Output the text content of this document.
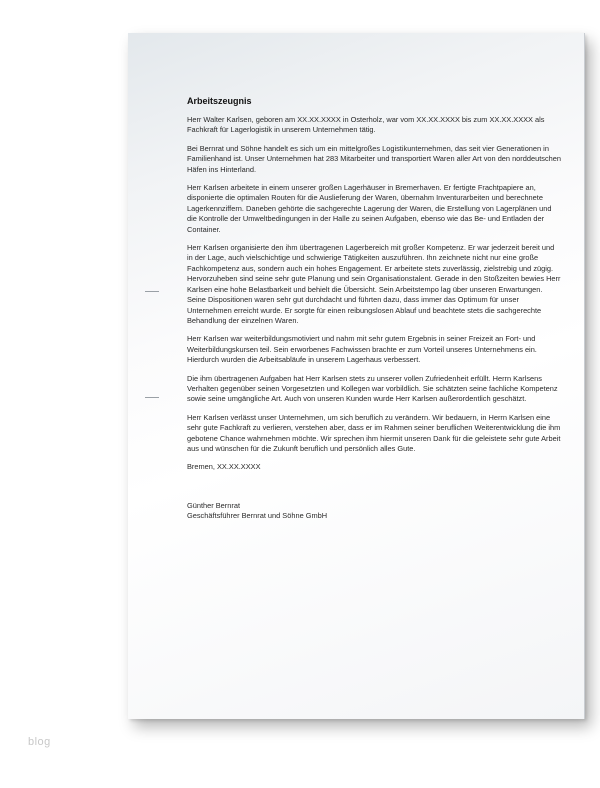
Arbeitszeugnis

Herr Walter Karlsen, geboren am XX.XX.XXXX in Osterholz, war vom XX.XX.XXXX bis zum XX.XX.XXXX als Fachkraft für Lagerlogistik in unserem Unternehmen tätig.

Bei Bernrat und Söhne handelt es sich um ein mittelgroßes Logistikunternehmen, das seit vier Generationen in Familienhand ist. Unser Unternehmen hat 283 Mitarbeiter und transportiert Waren aller Art von den norddeutschen Häfen ins Hinterland.

Herr Karlsen arbeitete in einem unserer großen Lagerhäuser in Bremerhaven. Er fertigte Frachtpapiere an, disponierte die optimalen Routen für die Auslieferung der Waren, übernahm Inventurarbeiten und berechnete Lagerkennziffern. Daneben gehörte die sachgerechte Lagerung der Waren, die Erstellung von Lagerplänen und die Kontrolle der Umweltbedingungen in der Halle zu seinen Aufgaben, ebenso wie das Be- und Entladen der Container.

Herr Karlsen organisierte den ihm übertragenen Lagerbereich mit großer Kompetenz. Er war jederzeit bereit und in der Lage, auch vielschichtige und schwierige Tätigkeiten auszuführen. Ihn zeichnete nicht nur eine große Fachkompetenz aus, sondern auch ein hohes Engagement. Er arbeitete stets zuverlässig, zielstrebig und zügig. Hervorzuheben sind seine sehr gute Planung und sein Organisationstalent. Gerade in den Stoßzeiten bewies Herr Karlsen eine hohe Belastbarkeit und behielt die Übersicht. Sein Arbeitstempo lag über unseren Erwartungen. Seine Dispositionen waren sehr gut durchdacht und führten dazu, dass immer das Optimum für unser Unternehmen erreicht wurde. Er sorgte für einen reibungslosen Ablauf und beachtete stets die sachgerechte Behandlung der einzelnen Waren.

Herr Karlsen war weiterbildungsmotiviert und nahm mit sehr gutem Ergebnis in seiner Freizeit an Fort- und Weiterbildungskursen teil. Sein erworbenes Fachwissen brachte er zum Vorteil unseres Unternehmens ein. Hierdurch wurden die Arbeitsabläufe in unserem Lagerhaus verbessert.

Die ihm übertragenen Aufgaben hat Herr Karlsen stets zu unserer vollen Zufriedenheit erfüllt. Herrn Karlsens Verhalten gegenüber seinen Vorgesetzten und Kollegen war vorbildlich. Sie schätzten seine fachliche Kompetenz sowie seine umgängliche Art. Auch von unseren Kunden wurde Herr Karlsen außerordentlich geschätzt.

Herr Karlsen verlässt unser Unternehmen, um sich beruflich zu verändern. Wir bedauern, in Herrn Karlsen eine sehr gute Fachkraft zu verlieren, verstehen aber, dass er im Rahmen seiner beruflichen Weiterentwicklung die ihm gebotene Chance wahrnehmen möchte. Wir sprechen ihm hiermit unseren Dank für die geleistete sehr gute Arbeit aus und wünschen für die Zukunft beruflich und persönlich alles Gute.

Bremen, XX.XX.XXXX
Günther Bernrat
Geschäftsführer Bernrat und Söhne GmbH
blog
